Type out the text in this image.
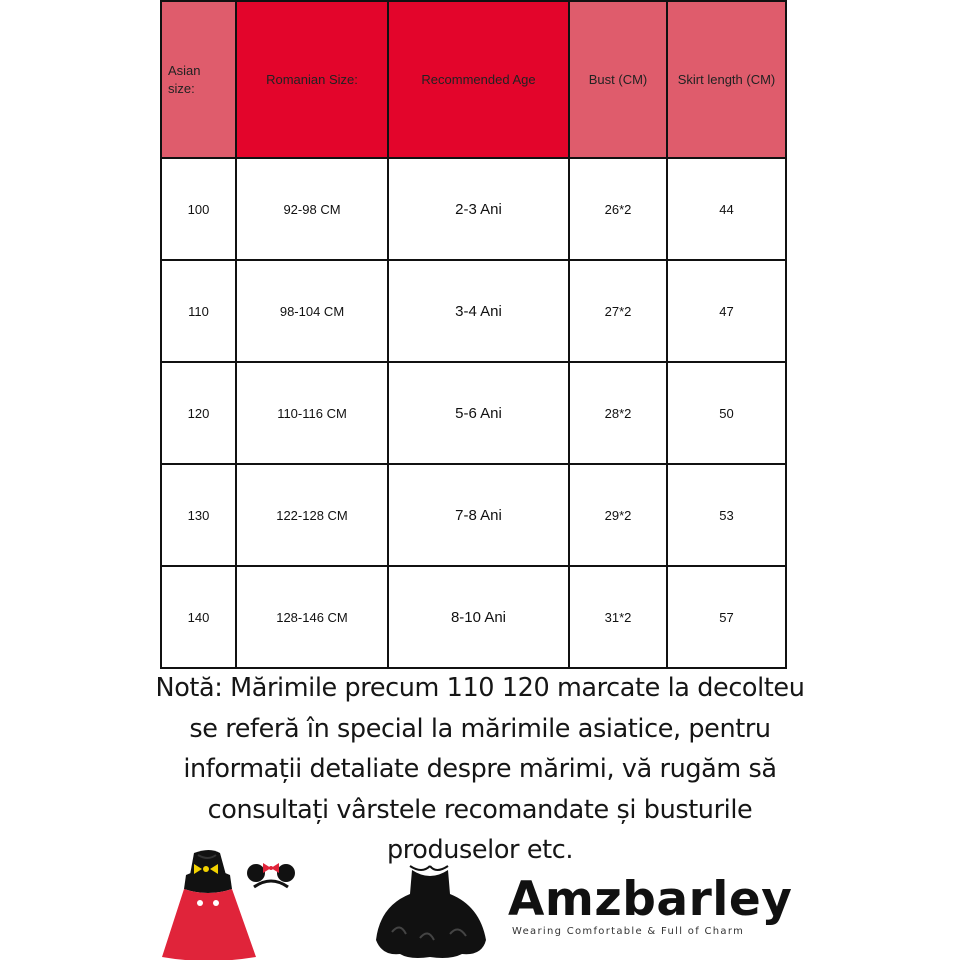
Asian size:	Romanian Size:	Recommended Age	Bust (CM)	Skirt length (CM)
100	92-98 CM	2-3 Ani	26*2	44
110	98-104 CM	3-4 Ani	27*2	47
120	110-116 CM	5-6 Ani	28*2	50
130	122-128 CM	7-8 Ani	29*2	53
140	128-146 CM	8-10 Ani	31*2	57
Notă: Mărimile precum 110 120 marcate la decolteu se referă în special la mărimile asiatice, pentru informații detaliate despre mărimi, vă rugăm să consultați vârstele recomandate și busturile produselor etc.
Amzbarley
Wearing Comfortable & Full of Charm
